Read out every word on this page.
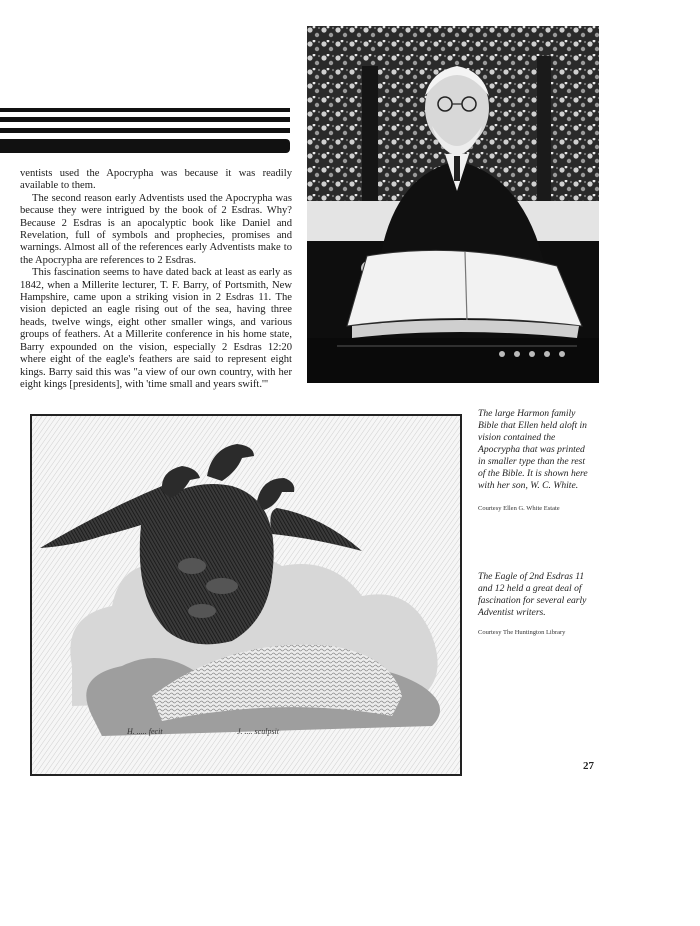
ventists used the Apocrypha was because it was readily available to them.

The second reason early Adventists used the Apocrypha was because they were intrigued by the book of 2 Esdras. Why? Because 2 Esdras is an apocalyptic book like Daniel and Revelation, full of symbols and prophecies, promises and warnings. Almost all of the references early Adventists make to the Apocrypha are references to 2 Esdras.

This fascination seems to have dated back at least as early as 1842, when a Millerite lecturer, T. F. Barry, of Portsmith, New Hampshire, came upon a striking vision in 2 Esdras 11. The vision depicted an eagle rising out of the sea, having three heads, twelve wings, eight other smaller wings, and various groups of feathers. At a Millerite conference in his home state, Barry expounded on the vision, especially 2 Esdras 12:20 where eight of the eagle's feathers are said to represent eight kings. Barry said this was "a view of our own country, with her eight kings [presidents], with 'time small and years swift.'"

H. ..... fecit	J. .... sculpsit
The large Harmon family Bible that Ellen held aloft in vision contained the Apocrypha that was printed in smaller type than the rest of the Bible. It is shown here with her son, W. C. White.
Courtesy Ellen G. White Estate
The Eagle of 2nd Esdras 11 and 12 held a great deal of fascination for several early Adventist writers.
Courtesy The Huntington Library
27
